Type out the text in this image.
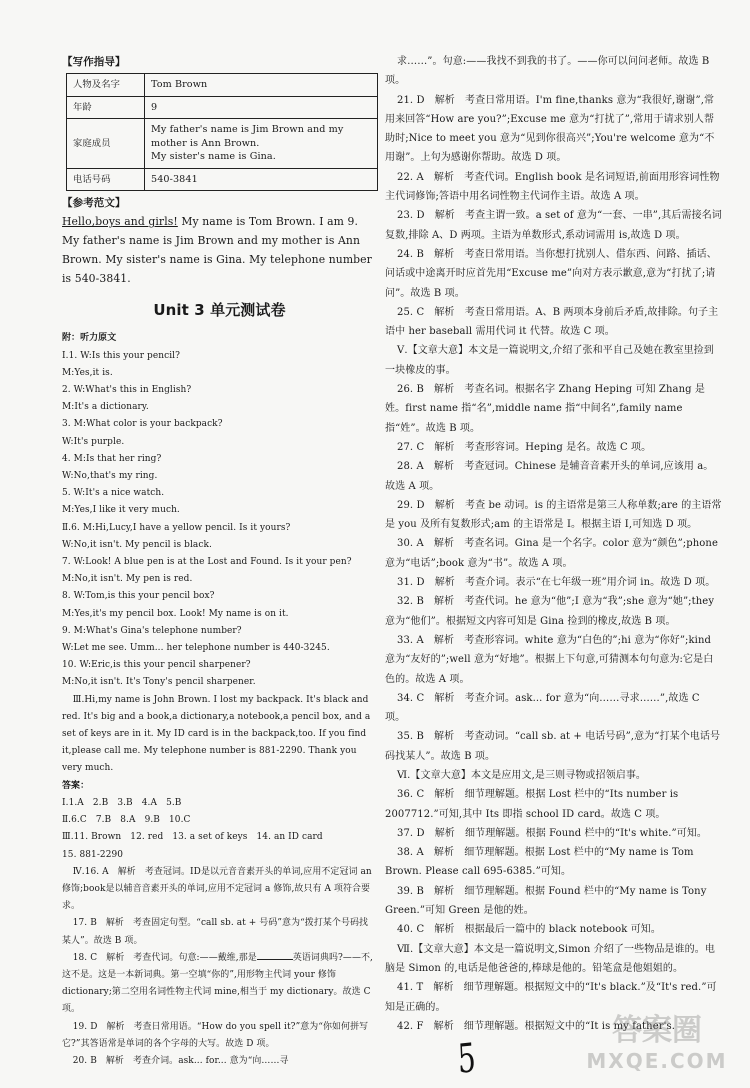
【写作指导】

人物及名字	Tom Brown
年龄	9
家庭成员	My father's name is Jim Brown and my mother is Ann Brown.
My sister's name is Gina.

电话号码	540-3841

【参考范文】

Hello,boys and girls! My name is Tom Brown. I am 9. My father's name is Jim Brown and my mother is Ann Brown. My sister's name is Gina. My telephone number is 540-3841.

Unit 3 单元测试卷

附：听力原文

Ⅰ.1. W:Is this your pencil?

M:Yes,it is.

2. W:What's this in English?

M:It's a dictionary.

3. M:What color is your backpack?

W:It's purple.

4. M:Is that her ring?

W:No,that's my ring.

5. W:It's a nice watch.

M:Yes,I like it very much.

Ⅱ.6. M:Hi,Lucy,I have a yellow pencil. Is it yours?

W:No,it isn't. My pencil is black.

7. W:Look! A blue pen is at the Lost and Found. Is it your pen?

M:No,it isn't. My pen is red.

8. W:Tom,is this your pencil box?

M:Yes,it's my pencil box. Look! My name is on it.

9. M:What's Gina's telephone number?

W:Let me see. Umm... her telephone number is 440-3245.

10. W:Eric,is this your pencil sharpener?

M:No,it isn't. It's Tony's pencil sharpener.

Ⅲ.Hi,my name is John Brown. I lost my backpack. It's black and red. It's big and a book,a dictionary,a notebook,a pencil box, and a set of keys are in it. My ID card is in the backpack,too. If you find it,please call me. My telephone number is 881-2290. Thank you very much.

答案：

Ⅰ.1.A　2.B　3.B　4.A　5.B

Ⅱ.6.C　7.B　8.A　9.B　10.C

Ⅲ.11. Brown　12. red　13. a set of keys　14. an ID card

15. 881-2290

Ⅳ.16. A　解析　考查冠词。ID是以元音音素开头的单词,应用不定冠词 an 修饰;book是以辅音音素开头的单词,应用不定冠词 a 修饰,故只有 A 项符合要求。

17. B　解析　考查固定句型。“call sb. at + 号码”意为“拨打某个号码找某人”。故选 B 项。

18. C　解析　考查代词。句意:——戴维,那是	英语词典吗?——不,这不是。这是一本新词典。第一空填“你的”,用形物主代词 your 修饰 dictionary;第二空用名词性物主代词 mine,相当于 my dictionary。故选 C 项。

19. D　解析　考查日常用语。“How do you spell it?”意为“你如何拼写它?”其答语常是单词的各个字母的大写。故选 D 项。

20. B　解析　考查介词。ask... for... 意为“向……寻

求……”。句意:——我找不到我的书了。——你可以问问老师。故选 B 项。

21. D　解析　考查日常用语。I'm fine,thanks 意为“我很好,谢谢”,常用来回答“How are you?”;Excuse me 意为“打扰了”,常用于请求别人帮助时;Nice to meet you 意为“见到你很高兴”;You're welcome 意为“不用谢”。上句为感谢你帮助。故选 D 项。

22. A　解析　考查代词。English book 是名词短语,前面用形容词性物主代词修饰;答语中用名词性物主代词作主语。故选 A 项。

23. D　解析　考查主谓一致。a set of 意为“一套、一串”,其后需接名词复数,排除 A、D 两项。主语为单数形式,系动词需用 is,故选 D 项。

24. B　解析　考查日常用语。当你想打扰别人、借东西、问路、插话、问话或中途离开时应首先用“Excuse me”向对方表示歉意,意为“打扰了;请问”。故选 B 项。

25. C　解析　考查日常用语。A、B 两项本身前后矛盾,故排除。句子主语中 her baseball 需用代词 it 代替。故选 C 项。

Ⅴ.【文章大意】本文是一篇说明文,介绍了张和平自己及她在教室里捡到一块橡皮的事。

26. B　解析　考查名词。根据名字 Zhang Heping 可知 Zhang 是姓。first name 指“名”,middle name 指“中间名”,family name 指“姓”。故选 B 项。

27. C　解析　考查形容词。Heping 是名。故选 C 项。

28. A　解析　考查冠词。Chinese 是辅音音素开头的单词,应该用 a。故选 A 项。

29. D　解析　考查 be 动词。is 的主语常是第三人称单数;are 的主语常是 you 及所有复数形式;am 的主语常是 I。根据主语 I,可知选 D 项。

30. A　解析　考查名词。Gina 是一个名字。color 意为“颜色”;phone 意为“电话”;book 意为“书”。故选 A 项。

31. D　解析　考查介词。表示“在七年级一班”用介词 in。故选 D 项。

32. B　解析　考查代词。he 意为“他”;I 意为“我”;she 意为“她”;they 意为“他们”。根据短文内容可知是 Gina 捡到的橡皮,故选 B 项。

33. A　解析　考查形容词。white 意为“白色的”;hi 意为“你好”;kind 意为“友好的”;well 意为“好地”。根据上下句意,可猜测本句句意为:它是白色的。故选 A 项。

34. C　解析　考查介词。ask... for 意为“向……寻求……”,故选 C 项。

35. B　解析　考查动词。“call sb. at + 电话号码”,意为“打某个电话号码找某人”。故选 B 项。

Ⅵ.【文章大意】本文是应用文,是三则寻物或招领启事。

36. C　解析　细节理解题。根据 Lost 栏中的“Its number is 2007712.”可知,其中 Its 即指 school ID card。故选 C 项。

37. D　解析　细节理解题。根据 Found 栏中的“It's white.”可知。

38. A　解析　细节理解题。根据 Lost 栏中的“My name is Tom Brown. Please call 695-6385.”可知。

39. B　解析　细节理解题。根据 Found 栏中的“My name is Tony Green.”可知 Green 是他的姓。

40. C　解析　根据最后一篇中的 black notebook 可知。

Ⅶ.【文章大意】本文是一篇说明文,Simon 介绍了一些物品是谁的。电脑是 Simon 的,电话是他爸爸的,棒球是他的。铅笔盒是他姐姐的。

41. T　解析　细节理解题。根据短文中的“It's black.”及“It's red.”可知是正确的。

42. F　解析　细节理解题。根据短文中的“It is my father's.

5
答案圈
MXQE.COM
